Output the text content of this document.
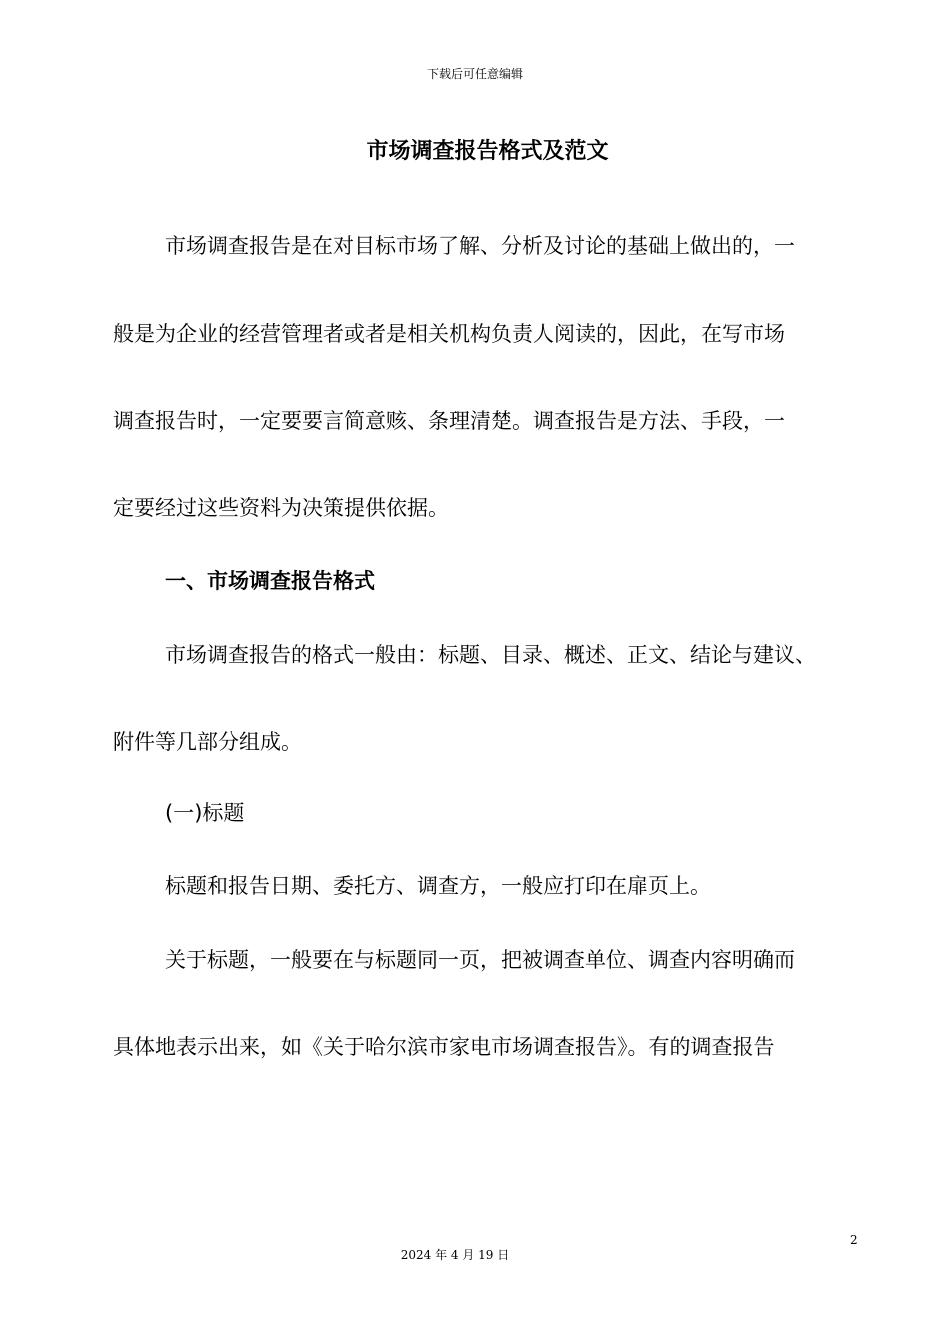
下载后可任意编辑
市场调查报告格式及范文
市场调查报告是在对目标市场了解、分析及讨论的基础上做出的，一
般是为企业的经营管理者或者是相关机构负责人阅读的，因此，在写市场
调查报告时，一定要要言简意赅、条理清楚。调查报告是方法、手段，一
定要经过这些资料为决策提供依据。
一、市场调查报告格式
市场调查报告的格式一般由：标题、目录、概述、正文、结论与建议、
附件等几部分组成。
(一)标题
标题和报告日期、委托方、调查方，一般应打印在扉页上。
关于标题，一般要在与标题同一页，把被调查单位、调查内容明确而
具体地表示出来，如《关于哈尔滨市家电市场调查报告》。有的调查报告
2
2024 年 4 月 19 日
